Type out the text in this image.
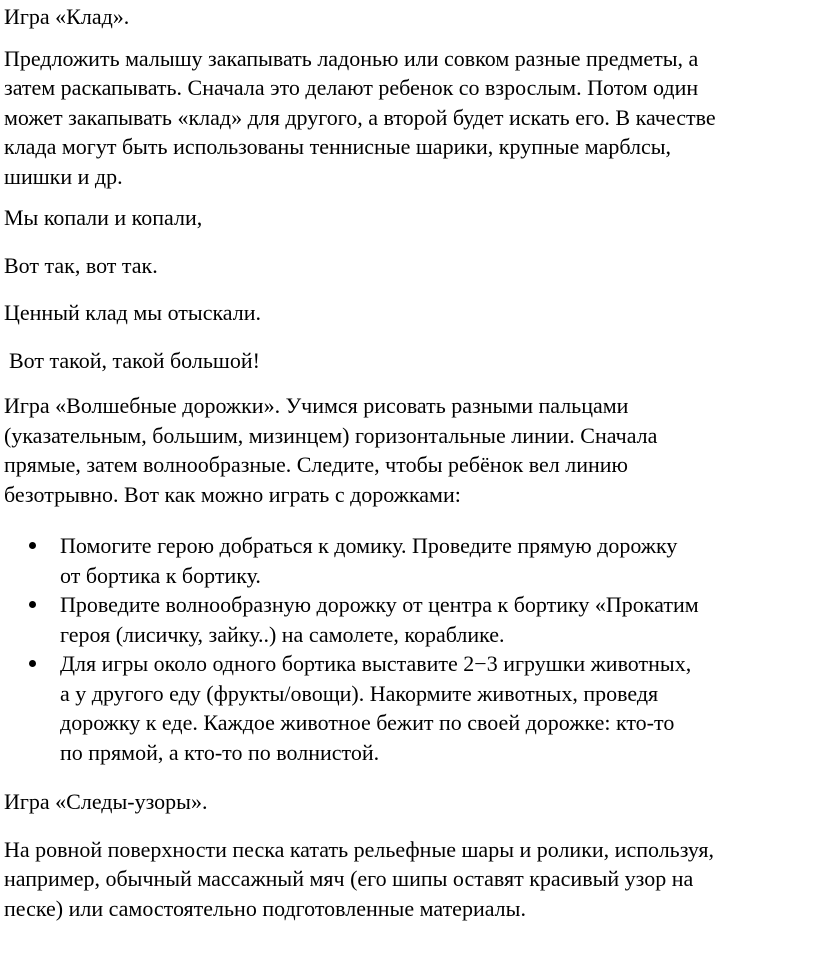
Игра «Клад».
Предложить малышу закапывать ладонью или совком разные предметы, а
затем раскапывать. Сначала это делают ребенок со взрослым. Потом один
может закапывать «клад» для другого, а второй будет искать его. В качестве
клада могут быть использованы теннисные шарики, крупные марблсы,
шишки и др.
Мы копали и копали,
Вот так, вот так.
Ценный клад мы отыскали.
Вот такой, такой большой!
Игра «Волшебные дорожки». Учимся рисовать разными пальцами
(указательным, большим, мизинцем) горизонтальные линии. Сначала
прямые, затем волнообразные. Следите, чтобы ребёнок вел линию
безотрывно. Вот как можно играть с дорожками:
Помогите герою добраться к домику. Проведите прямую дорожку
от бортика к бортику.
Проведите волнообразную дорожку от центра к бортику «Прокатим
героя (лисичку, зайку..) на самолете, кораблике.
Для игры около одного бортика выставите 2−3 игрушки животных,
а у другого еду (фрукты/овощи). Накормите животных, проведя
дорожку к еде. Каждое животное бежит по своей дорожке: кто-то
по прямой, а кто-то по волнистой.
Игра «Следы-узоры».
На ровной поверхности песка катать рельефные шары и ролики, используя,
например, обычный массажный мяч (его шипы оставят красивый узор на
песке) или самостоятельно подготовленные материалы.
